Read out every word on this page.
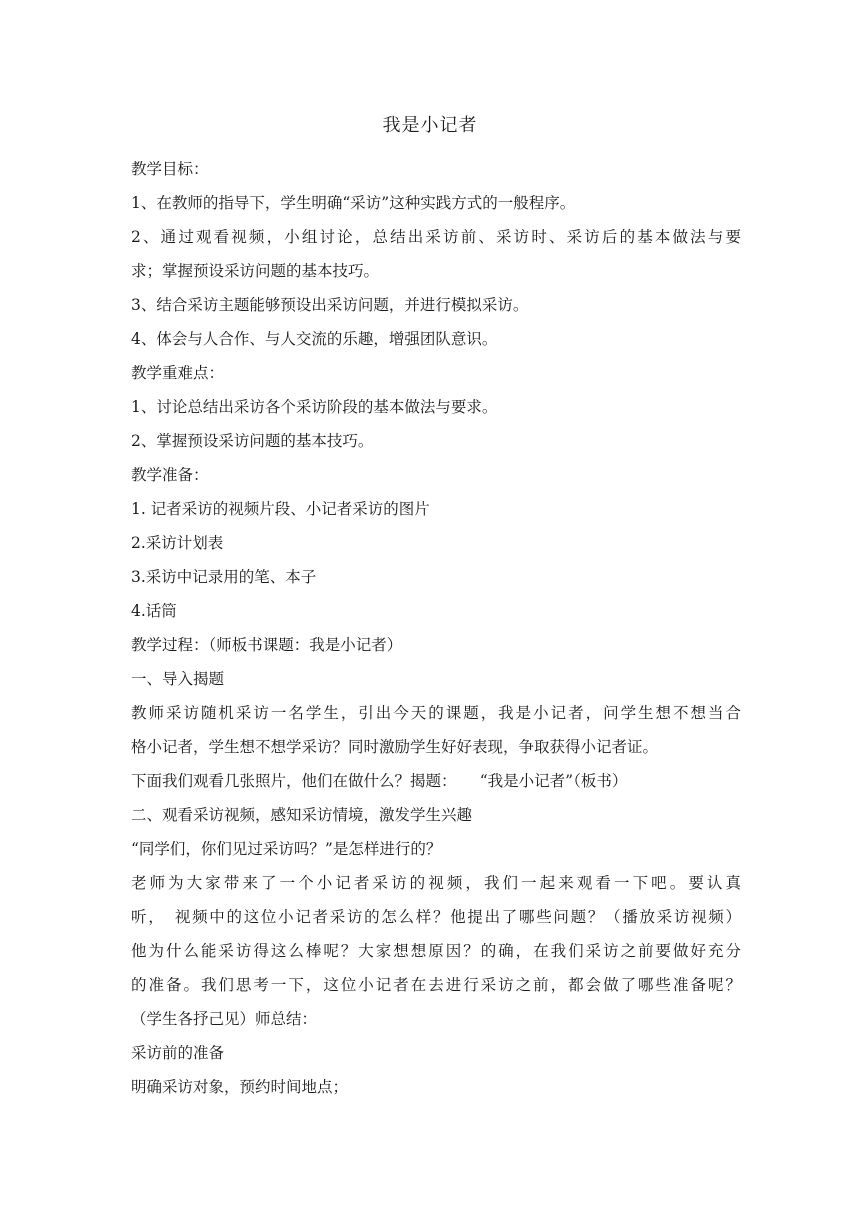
我是小记者
教学目标：
1、在教师的指导下，学生明确“采访”这种实践方式的一般程序。
2、通过观看视频，小组讨论，总结出采访前、采访时、采访后的基本做法与要
求；掌握预设采访问题的基本技巧。
3、结合采访主题能够预设出采访问题，并进行模拟采访。
4、体会与人合作、与人交流的乐趣，增强团队意识。
教学重难点：
1、讨论总结出采访各个采访阶段的基本做法与要求。
2、掌握预设采访问题的基本技巧。
教学准备：
1. 记者采访的视频片段、小记者采访的图片
2.采访计划表
3.采访中记录用的笔、本子
4.话筒
教学过程：（师板书课题：我是小记者）
一、导入揭题
教师采访随机采访一名学生，引出今天的课题，我是小记者，问学生想不想当合
格小记者，学生想不想学采访？同时激励学生好好表现，争取获得小记者证。
下面我们观看几张照片，他们在做什么？揭题：　　“我是小记者”（板书）
二、观看采访视频，感知采访情境，激发学生兴趣
“同学们，你们见过采访吗？”是怎样进行的？
老师为大家带来了一个小记者采访的视频，我们一起来观看一下吧。要认真
听，　视频中的这位小记者采访的怎么样？他提出了哪些问题？（播放采访视频）
他为什么能采访得这么棒呢？大家想想原因？的确，在我们采访之前要做好充分
的准备。我们思考一下，这位小记者在去进行采访之前，都会做了哪些准备呢？
（学生各抒己见）师总结：
采访前的准备
明确采访对象，预约时间地点；
